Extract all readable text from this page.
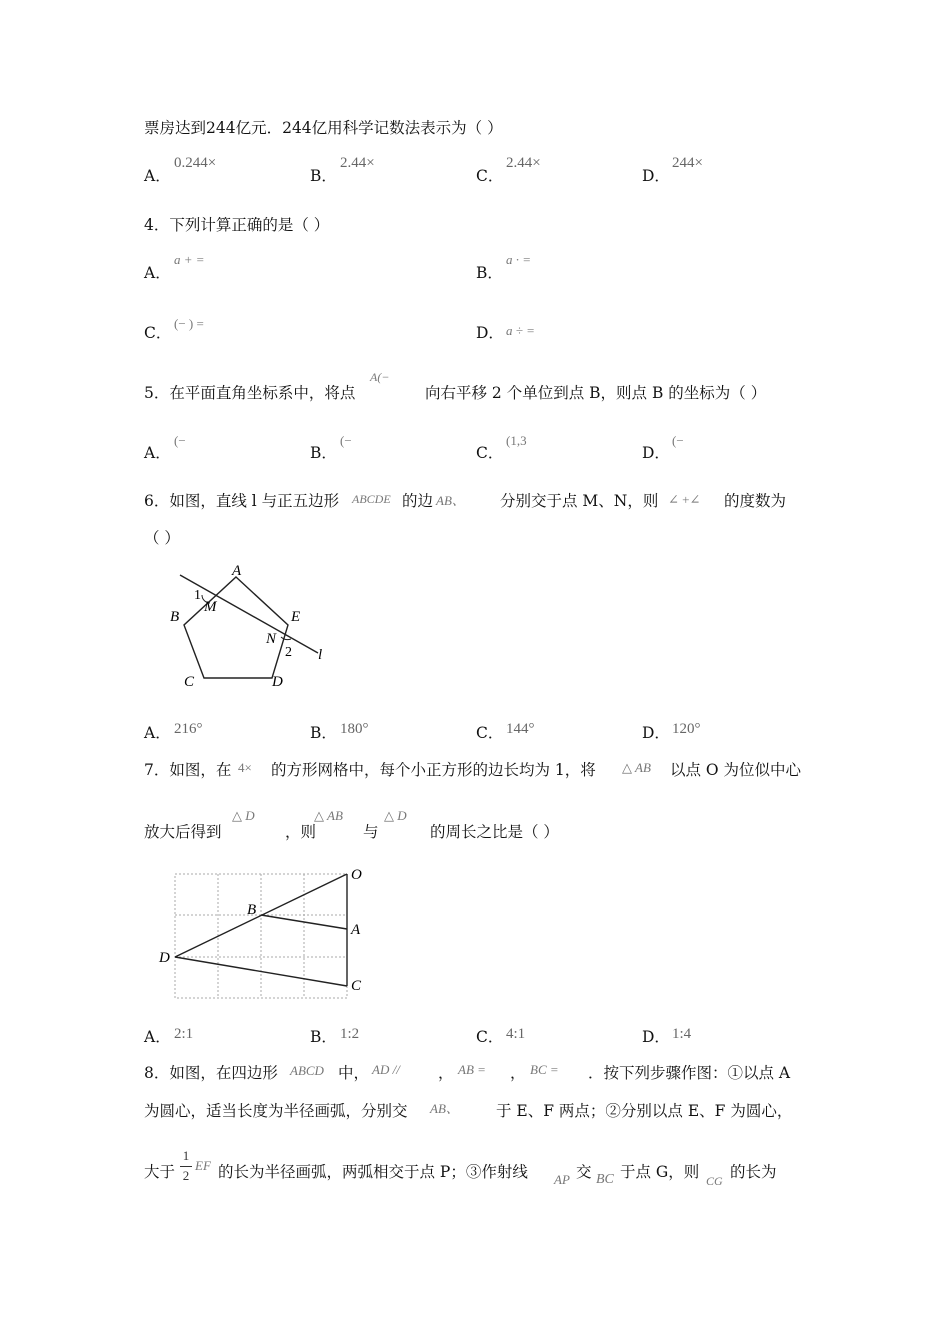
票房达到244亿元．244亿用科学记数法表示为（ ）
A．
0.244×
B．
2.44×
C．
2.44×
D．
244×
4．下列计算正确的是（ ）
A．
a + =
B．
a · =
C．
(− ) =
D． a ÷ =
5．在平面直角坐标系中，将点
A(−
向右平移 2 个单位到点 B，则点 B 的坐标为（ ）
A．
(−
B．
(−
C．
(1,3
D．
(−
6．如图，直线 l 与正五边形 ABCDE 的边 AB、 分别交于点 M、N，则 ∠ +∠ 的度数为
（ ）
A
B
C	D
E
M
N
l
1
2
A． 216°	B． 180°	C． 144°	D． 120°
7．如图，在 4× 的方形网格中，每个小正方形的边长均为 1，将 △ AB 以点 O 为位似中心
放大后得到
△ D
，则
△ AB
与
△ D
的周长之比是（ ）
O
B
A
D
C
A． 2:1	B． 1:2	C． 4:1	D． 1:4
8．如图，在四边形 ABCD 中， AD // ， AB = ， BC = ．按下列步骤作图：①以点 A
为圆心，适当长度为半径画弧，分别交 AB、 于 E、F 两点；②分别以点 E、F 为圆心，
大于
1
2
EF 的长为半径画弧，两弧相交于点 P；③作射线 AP 交 BC 于点 G，则 CG 的长为
